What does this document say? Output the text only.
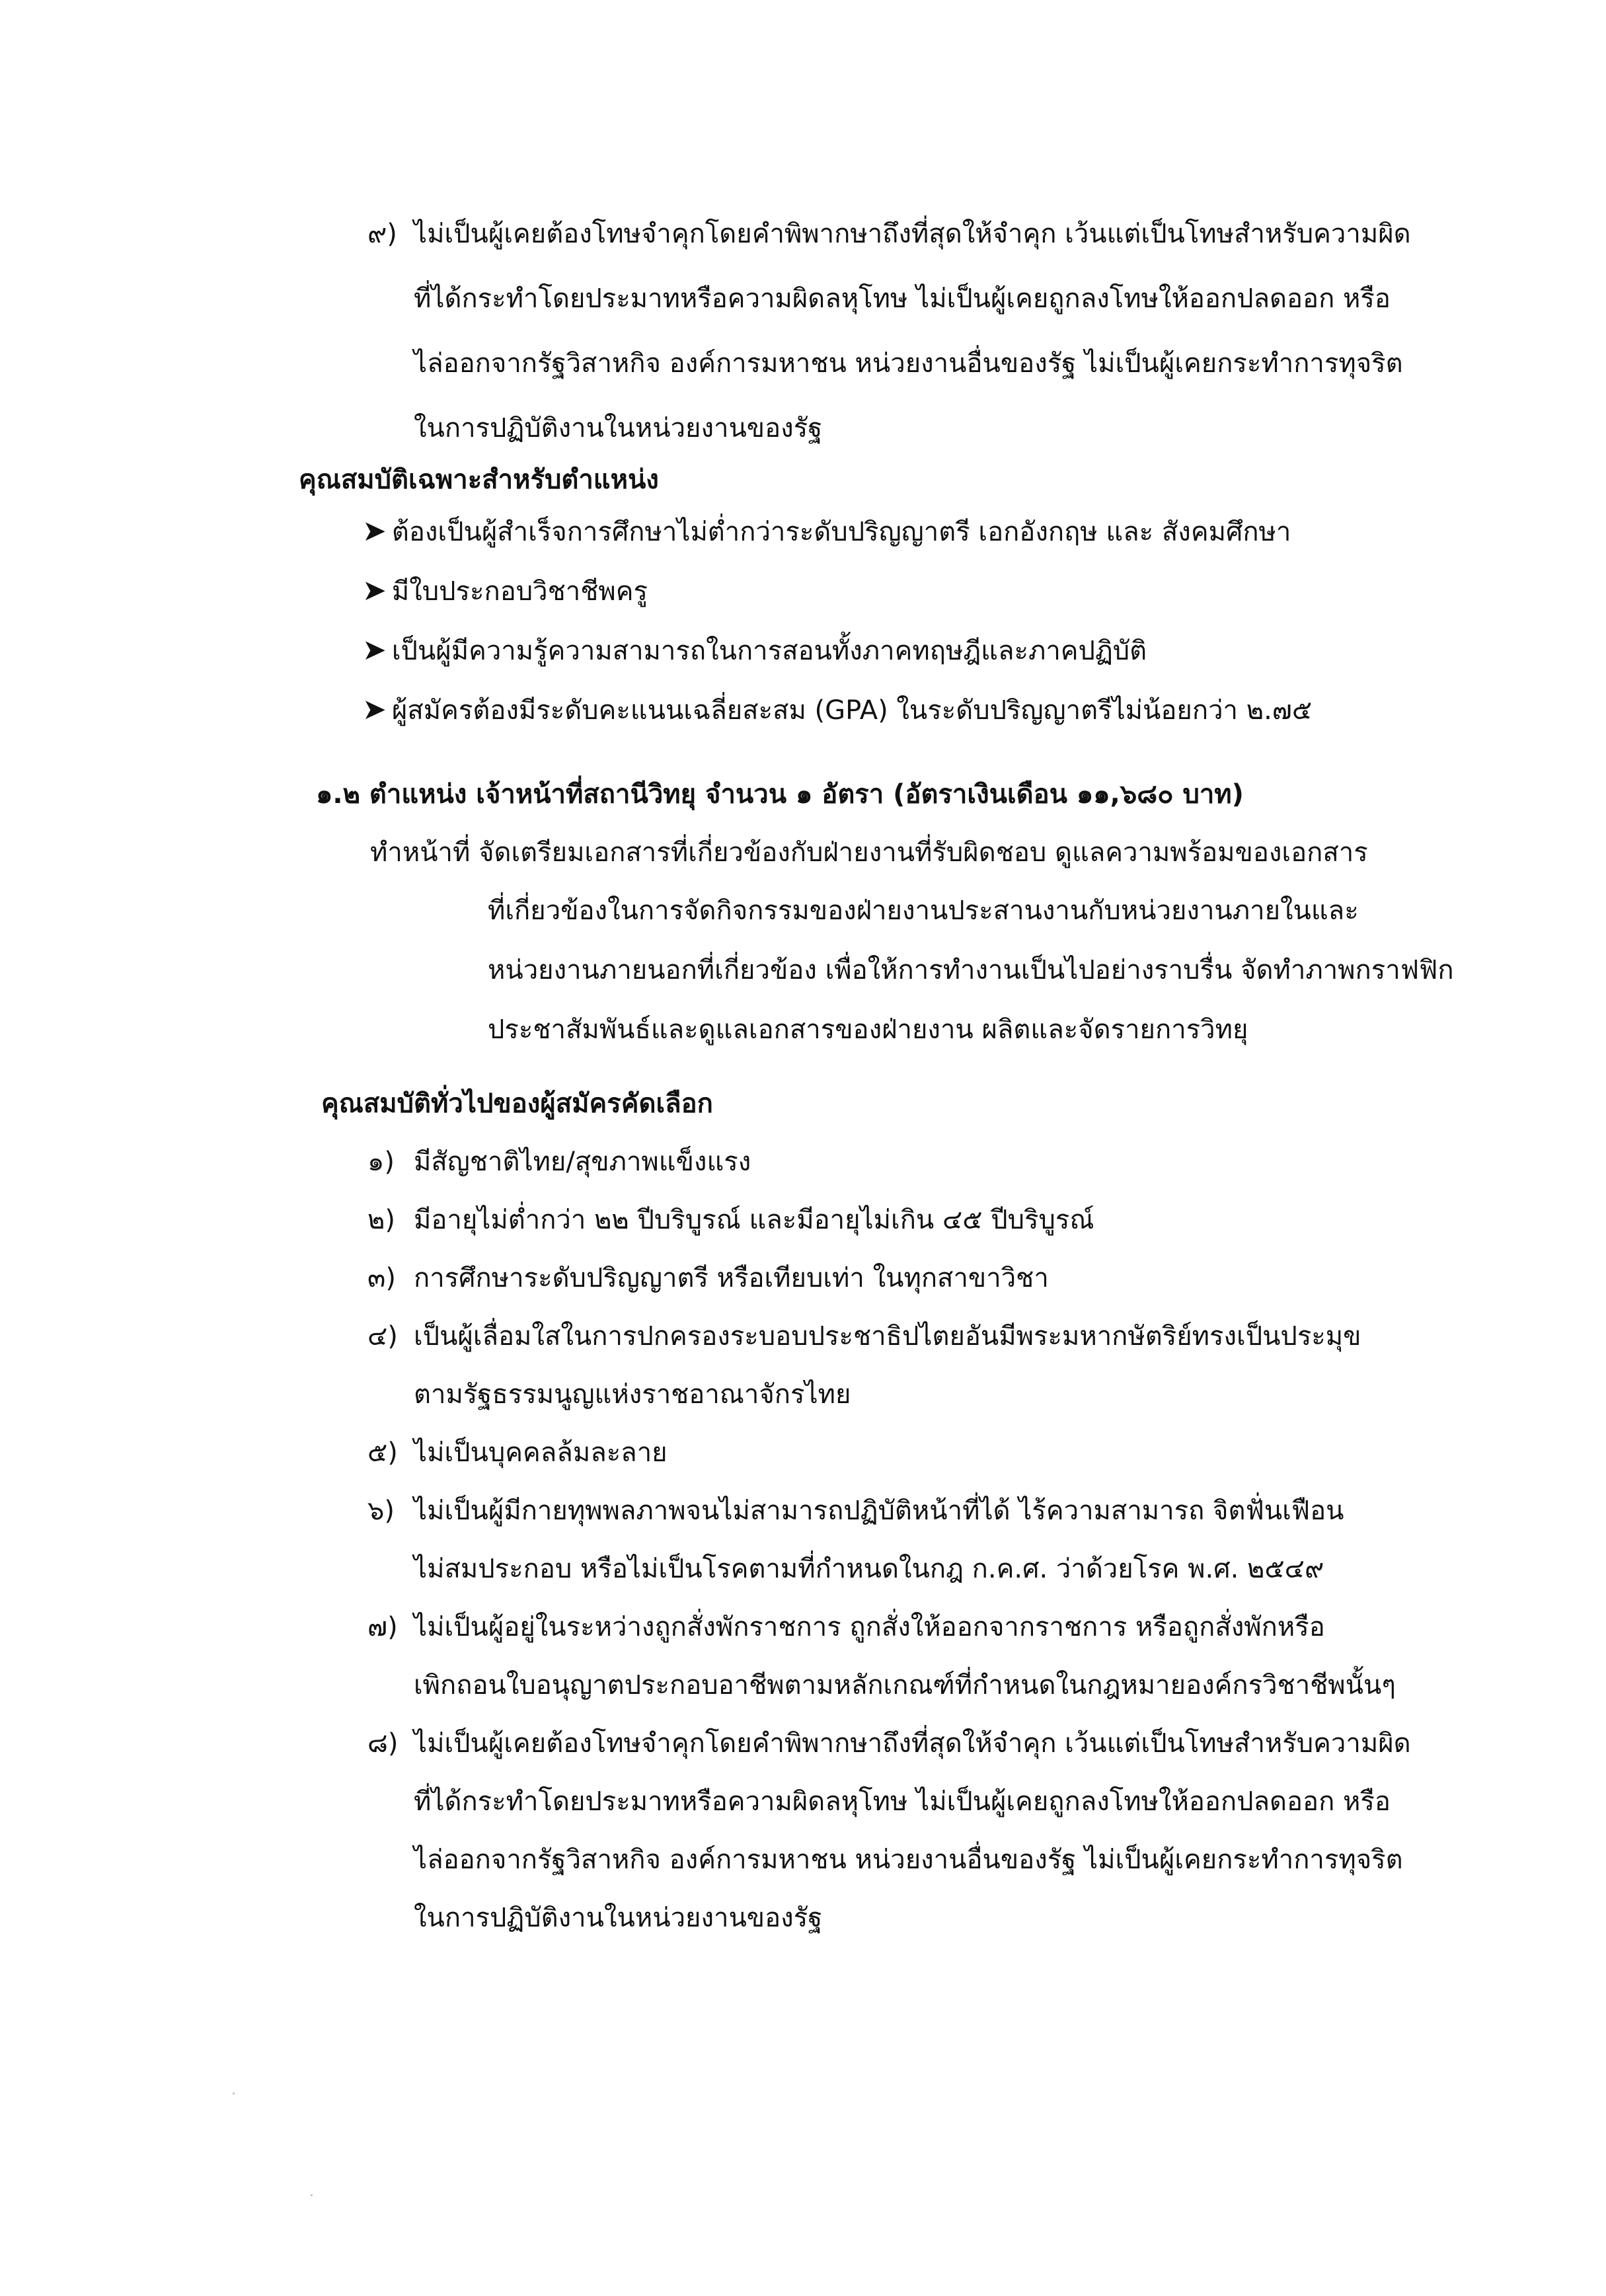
๙) ไม่เป็นผู้เคยต้องโทษจำคุกโดยคำพิพากษาถึงที่สุดให้จำคุก เว้นแต่เป็นโทษสำหรับความผิด
ที่ได้กระทำโดยประมาทหรือความผิดลหุโทษ ไม่เป็นผู้เคยถูกลงโทษให้ออกปลดออก หรือ
ไล่ออกจากรัฐวิสาหกิจ องค์การมหาชน หน่วยงานอื่นของรัฐ ไม่เป็นผู้เคยกระทำการทุจริต
ในการปฏิบัติงานในหน่วยงานของรัฐ
คุณสมบัติเฉพาะสำหรับตำแหน่ง
➤ ต้องเป็นผู้สำเร็จการศึกษาไม่ต่ำกว่าระดับปริญญาตรี เอกอังกฤษ และ สังคมศึกษา
➤ มีใบประกอบวิชาชีพครู
➤ เป็นผู้มีความรู้ความสามารถในการสอนทั้งภาคทฤษฎีและภาคปฏิบัติ
➤ ผู้สมัครต้องมีระดับคะแนนเฉลี่ยสะสม (GPA) ในระดับปริญญาตรีไม่น้อยกว่า ๒.๗๕
๑.๒ ตำแหน่ง เจ้าหน้าที่สถานีวิทยุ จำนวน ๑ อัตรา (อัตราเงินเดือน ๑๑,๖๘๐ บาท)
ทำหน้าที่ จัดเตรียมเอกสารที่เกี่ยวข้องกับฝ่ายงานที่รับผิดชอบ ดูแลความพร้อมของเอกสาร
ที่เกี่ยวข้องในการจัดกิจกรรมของฝ่ายงานประสานงานกับหน่วยงานภายในและ
หน่วยงานภายนอกที่เกี่ยวข้อง เพื่อให้การทำงานเป็นไปอย่างราบรื่น จัดทำภาพกราฟฟิก
ประชาสัมพันธ์และดูแลเอกสารของฝ่ายงาน ผลิตและจัดรายการวิทยุ
คุณสมบัติทั่วไปของผู้สมัครคัดเลือก
๑) มีสัญชาติไทย/สุขภาพแข็งแรง
๒) มีอายุไม่ต่ำกว่า ๒๒ ปีบริบูรณ์ และมีอายุไม่เกิน ๔๕ ปีบริบูรณ์
๓) การศึกษาระดับปริญญาตรี หรือเทียบเท่า ในทุกสาขาวิชา
๔) เป็นผู้เลื่อมใสในการปกครองระบอบประชาธิปไตยอันมีพระมหากษัตริย์ทรงเป็นประมุข
ตามรัฐธรรมนูญแห่งราชอาณาจักรไทย
๕) ไม่เป็นบุคคลล้มละลาย
๖) ไม่เป็นผู้มีกายทุพพลภาพจนไม่สามารถปฏิบัติหน้าที่ได้ ไร้ความสามารถ จิตฟั่นเฟือน
ไม่สมประกอบ หรือไม่เป็นโรคตามที่กำหนดในกฎ ก.ค.ศ. ว่าด้วยโรค พ.ศ. ๒๕๔๙
๗) ไม่เป็นผู้อยู่ในระหว่างถูกสั่งพักราชการ ถูกสั่งให้ออกจากราชการ หรือถูกสั่งพักหรือ
เพิกถอนใบอนุญาตประกอบอาชีพตามหลักเกณฑ์ที่กำหนดในกฎหมายองค์กรวิชาชีพนั้นๆ
๘) ไม่เป็นผู้เคยต้องโทษจำคุกโดยคำพิพากษาถึงที่สุดให้จำคุก เว้นแต่เป็นโทษสำหรับความผิด
ที่ได้กระทำโดยประมาทหรือความผิดลหุโทษ ไม่เป็นผู้เคยถูกลงโทษให้ออกปลดออก หรือ
ไล่ออกจากรัฐวิสาหกิจ องค์การมหาชน หน่วยงานอื่นของรัฐ ไม่เป็นผู้เคยกระทำการทุจริต
ในการปฏิบัติงานในหน่วยงานของรัฐ
